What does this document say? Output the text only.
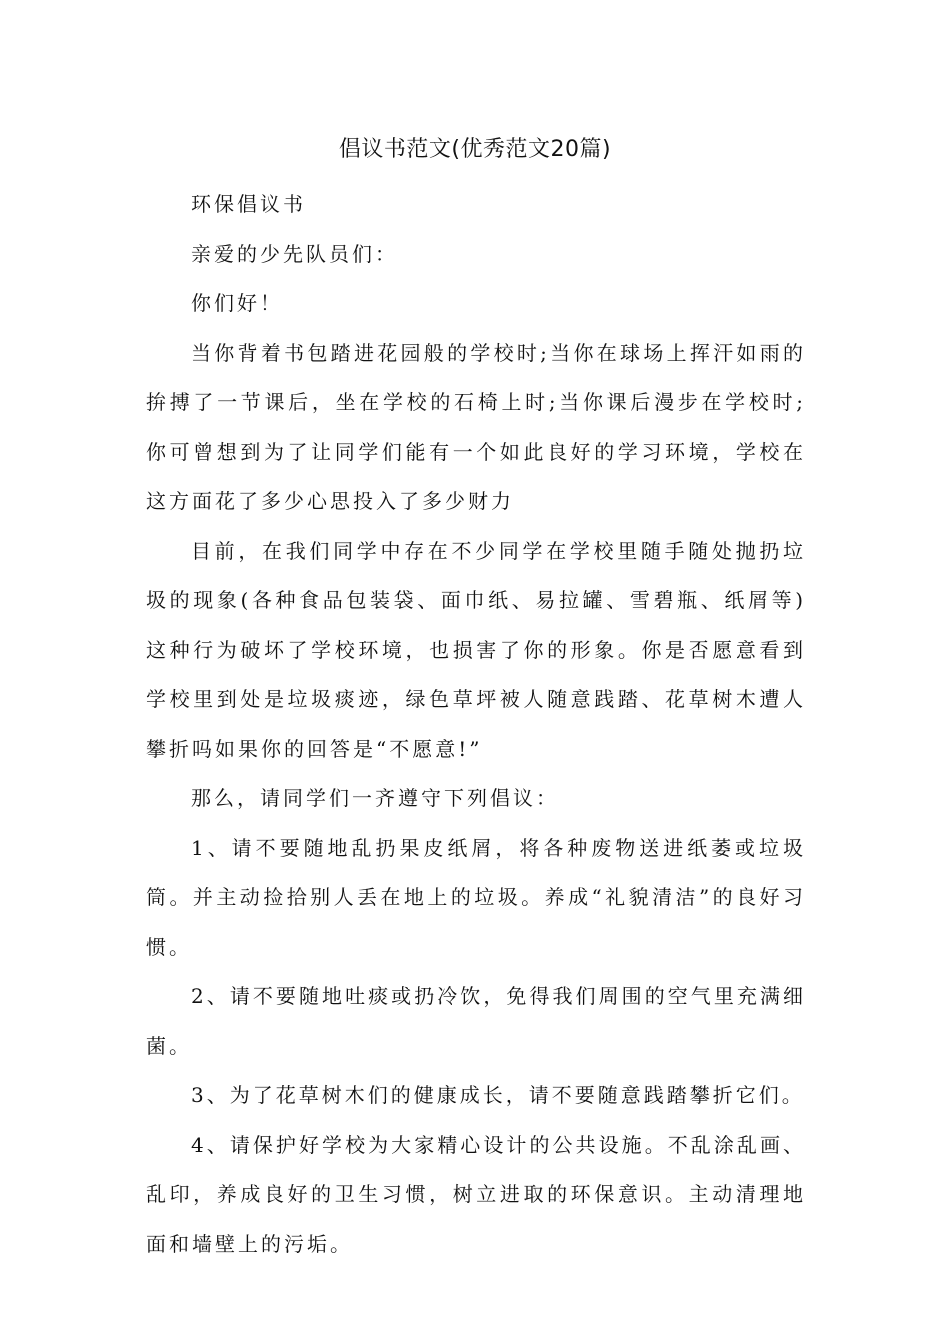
倡议书范文(优秀范文20篇)

环保倡议书

亲爱的少先队员们：

你们好！

当你背着书包踏进花园般的学校时;当你在球场上挥汗如雨的拚搏了一节课后，坐在学校的石椅上时;当你课后漫步在学校时;你可曾想到为了让同学们能有一个如此良好的学习环境，学校在这方面花了多少心思投入了多少财力

目前，在我们同学中存在不少同学在学校里随手随处抛扔垃圾的现象(各种食品包装袋、面巾纸、易拉罐、雪碧瓶、纸屑等)这种行为破坏了学校环境，也损害了你的形象。你是否愿意看到学校里到处是垃圾痰迹，绿色草坪被人随意践踏、花草树木遭人攀折吗如果你的回答是“不愿意!”

那么，请同学们一齐遵守下列倡议：

1、请不要随地乱扔果皮纸屑，将各种废物送进纸萎或垃圾筒。并主动捡拾别人丢在地上的垃圾。养成“礼貌清洁”的良好习惯。

2、请不要随地吐痰或扔冷饮，免得我们周围的空气里充满细菌。

3、为了花草树木们的健康成长，请不要随意践踏攀折它们。

4、请保护好学校为大家精心设计的公共设施。不乱涂乱画、乱印，养成良好的卫生习惯，树立进取的环保意识。主动清理地面和墙壁上的污垢。
